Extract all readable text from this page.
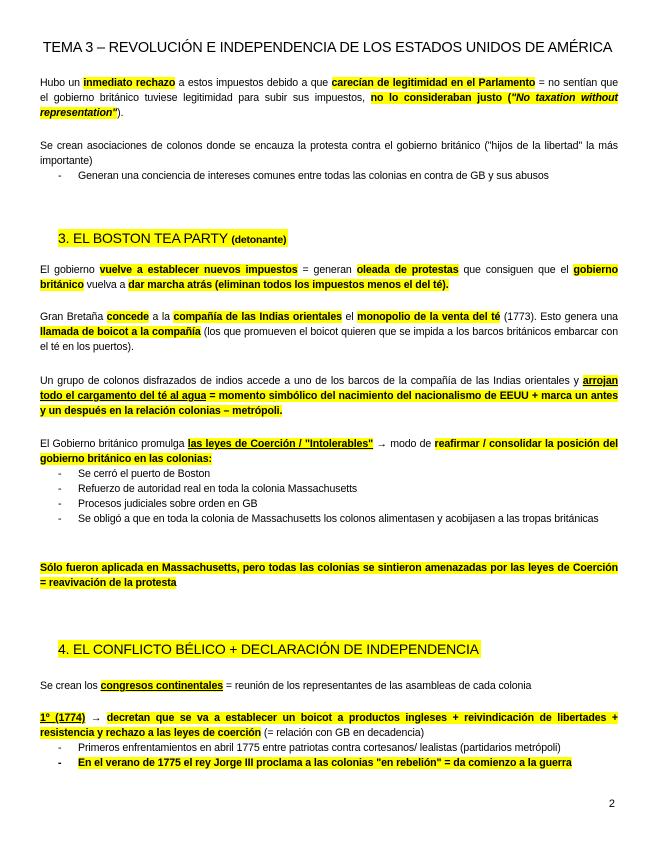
TEMA 3 – REVOLUCIÓN E INDEPENDENCIA DE LOS ESTADOS UNIDOS DE AMÉRICA
Hubo un inmediato rechazo a estos impuestos debido a que carecían de legitimidad en el Parlamento = no sentían que el gobierno británico tuviese legitimidad para subir sus impuestos, no lo consideraban justo ("No taxation without representation").
Se crean asociaciones de colonos donde se encauza la protesta contra el gobierno británico ("hijos de la libertad" la más importante)
- Generan una conciencia de intereses comunes entre todas las colonias en contra de GB y sus abusos
3. EL BOSTON TEA PARTY (detonante)
El gobierno vuelve a establecer nuevos impuestos = generan oleada de protestas que consiguen que el gobierno británico vuelva a dar marcha atrás (eliminan todos los impuestos menos el del té).
Gran Bretaña concede a la compañía de las Indias orientales el monopolio de la venta del té (1773). Esto genera una llamada de boicot a la compañía (los que promueven el boicot quieren que se impida a los barcos británicos embarcar con el té en los puertos).
Un grupo de colonos disfrazados de indios accede a uno de los barcos de la compañía de las Indias orientales y arrojan todo el cargamento del té al agua = momento simbólico del nacimiento del nacionalismo de EEUU + marca un antes y un después en la relación colonias – metrópoli.
El Gobierno británico promulga las leyes de Coerción / "Intolerables" → modo de reafirmar / consolidar la posición del gobierno británico en las colonias:
- Se cerró el puerto de Boston
- Refuerzo de autoridad real en toda la colonia Massachusetts
- Procesos judiciales sobre orden en GB
- Se obligó a que en toda la colonia de Massachusetts los colonos alimentasen y acobijasen a las tropas británicas
Sólo fueron aplicada en Massachusetts, pero todas las colonias se sintieron amenazadas por las leyes de Coerción = reavivación de la protesta
4. EL CONFLICTO BÉLICO + DECLARACIÓN DE INDEPENDENCIA
Se crean los congresos continentales = reunión de los representantes de las asambleas de cada colonia
1º (1774) → decretan que se va a establecer un boicot a productos ingleses + reivindicación de libertades + resistencia y rechazo a las leyes de coerción (= relación con GB en decadencia)
- Primeros enfrentamientos en abril 1775 entre patriotas contra cortesanos/ lealistas (partidarios metrópoli)
- En el verano de 1775 el rey Jorge III proclama a las colonias "en rebelión" = da comienzo a la guerra
2
